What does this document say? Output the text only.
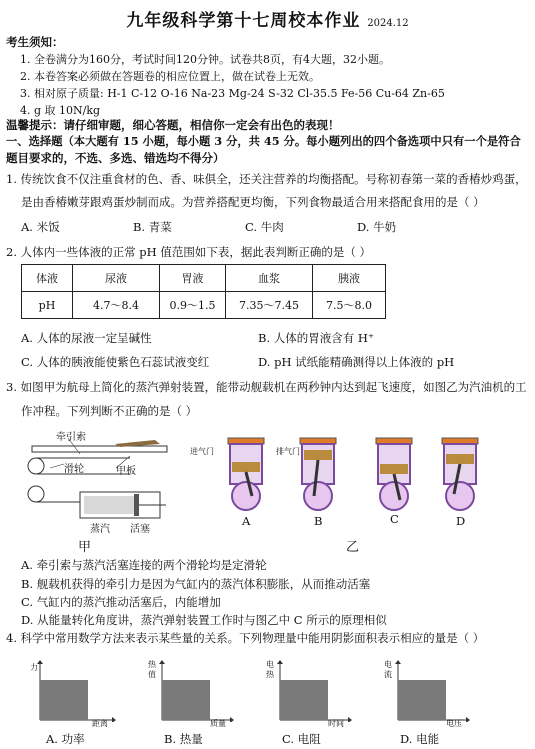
九年级科学第十七周校本作业 2024.12
考生须知：
1. 全卷满分为160分，考试时间120分钟。试卷共8页，有4大题，32小题。
2. 本卷答案必须做在答题卷的相应位置上，做在试卷上无效。
3. 相对原子质量: H-1 C-12 O-16 Na-23 Mg-24 S-32 Cl-35.5 Fe-56 Cu-64 Zn-65
4. g 取 10N/kg
温馨提示：请仔细审题，细心答题，相信你一定会有出色的表现！
一、选择题（本大题有 15 小题，每小题 3 分，共 45 分。每小题列出的四个备选项中只有一个是符合
题目要求的，不选、多选、错选均不得分）
1. 传统饮食不仅注重食材的色、香、味俱全，还关注营养的均衡搭配。号称初春第一菜的香椿炒鸡蛋，
是由香椿嫩芽跟鸡蛋炒制而成。为营养搭配更均衡，下列食物最适合用来搭配食用的是（ ）
A. 米饭	B. 青菜	C. 牛肉	D. 牛奶
2. 人体内一些体液的正常 pH 值范围如下表，据此表判断正确的是（ ）
体液	尿液	胃液	血浆	胰液
pH	4.7～8.4	0.9～1.5	7.35～7.45	7.5～8.0
A. 人体的尿液一定呈碱性	B. 人体的胃液含有 H⁺
C. 人体的胰液能使紫色石蕊试液变红	D. pH 试纸能精确测得以上体液的 pH
3. 如图甲为航母上简化的蒸汽弹射装置，能带动舰载机在两秒钟内达到起飞速度，如图乙为汽油机的工
作冲程。下列判断不正确的是（ ）
牵引索
滑轮	甲板
蒸汽 活塞
甲
进气门	排气门
A	B	C	D
乙
A. 牵引索与蒸汽活塞连接的两个滑轮均是定滑轮
B. 舰载机获得的牵引力是因为气缸内的蒸汽体积膨胀，从而推动活塞
C. 气缸内的蒸汽推动活塞后，内能增加
D. 从能量转化角度讲，蒸汽弹射装置工作时与图乙中 C 所示的原理相似
4. 科学中常用数学方法来表示某些量的关系。下列物理量中能用阴影面积表示相应的量是（ ）
力
距离
A. 功率
热值
质量
B. 热量
电热
时间
C. 电阻
电流
电压
D. 电能
